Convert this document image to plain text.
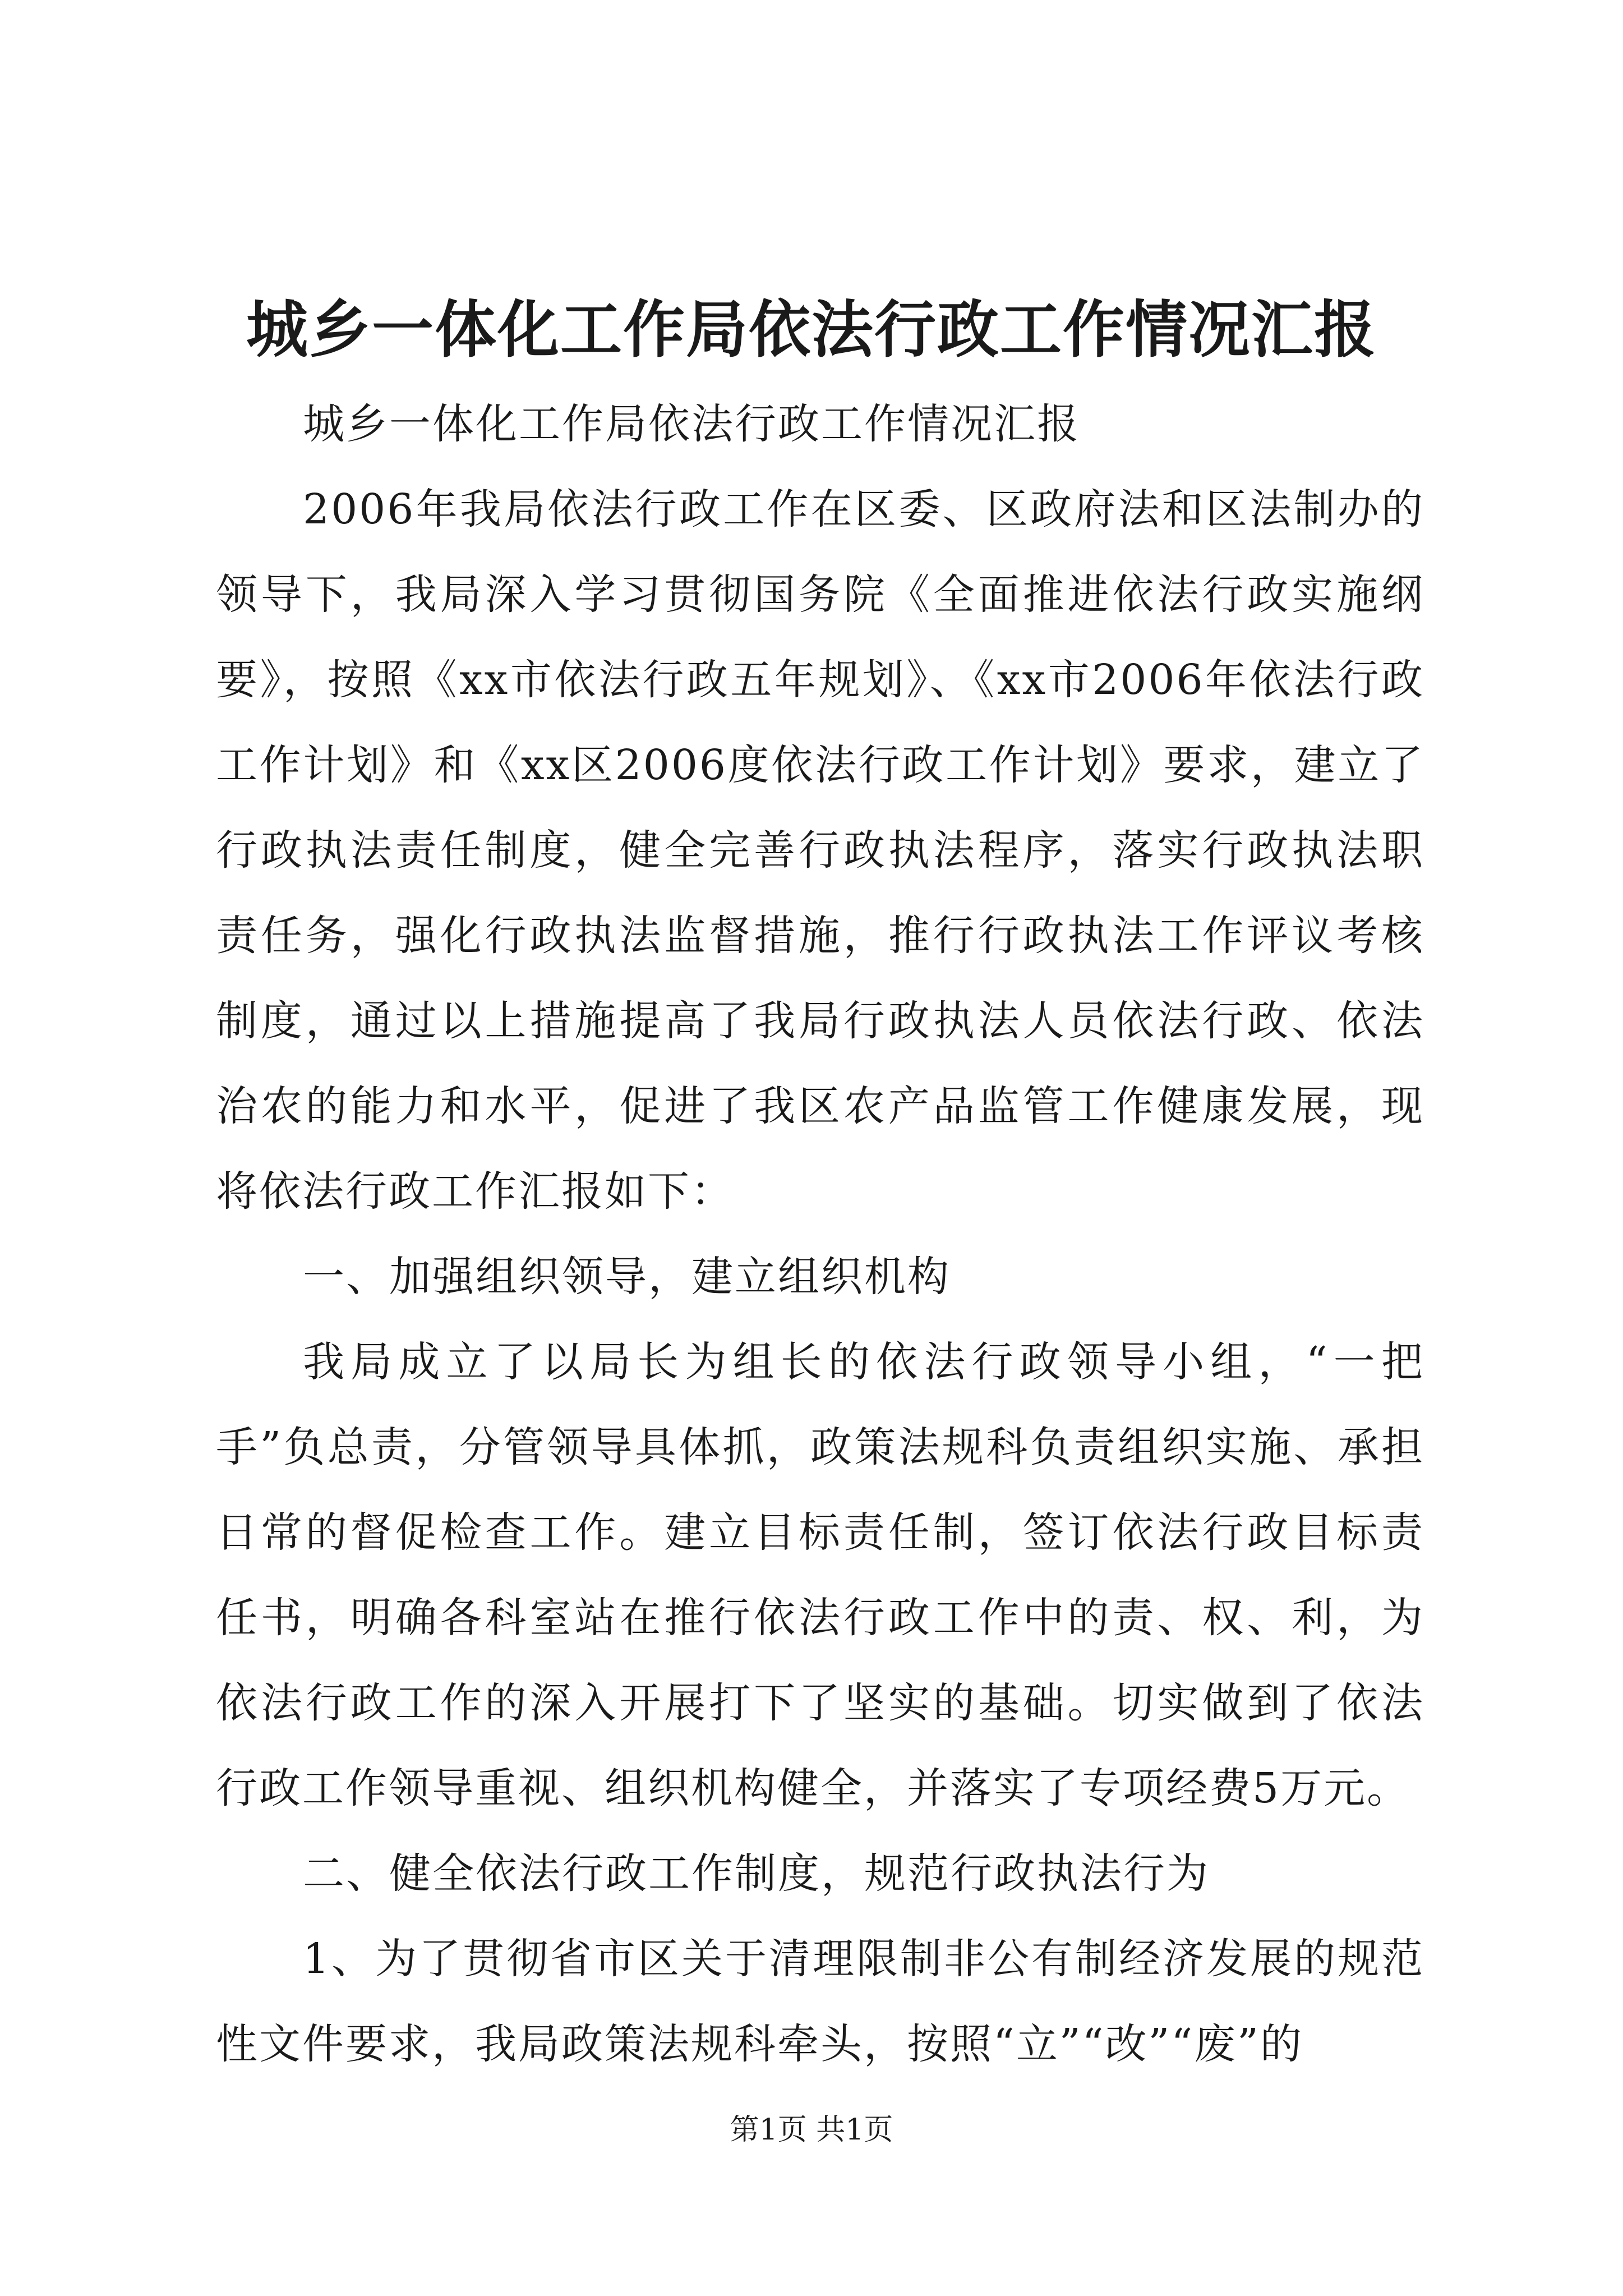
城乡一体化工作局依法行政工作情况汇报

城乡一体化工作局依法行政工作情况汇报

2006年我局依法行政工作在区委、区政府法和区法制办的领导下，我局深入学习贯彻国务院《全面推进依法行政实施纲要》，按照《xx市依法行政五年规划》、《xx市2006年依法行政工作计划》和《xx区2006度依法行政工作计划》要求，建立了行政执法责任制度，健全完善行政执法程序，落实行政执法职责任务，强化行政执法监督措施，推行行政执法工作评议考核制度，通过以上措施提高了我局行政执法人员依法行政、依法治农的能力和水平，促进了我区农产品监管工作健康发展，现将依法行政工作汇报如下：

一、加强组织领导，建立组织机构

我局成立了以局长为组长的依法行政领导小组，“一把手”负总责，分管领导具体抓，政策法规科负责组织实施、承担日常的督促检查工作。建立目标责任制，签订依法行政目标责任书，明确各科室站在推行依法行政工作中的责、权、利，为依法行政工作的深入开展打下了坚实的基础。切实做到了依法行政工作领导重视、组织机构健全，并落实了专项经费5万元。

二、健全依法行政工作制度，规范行政执法行为

1、为了贯彻省市区关于清理限制非公有制经济发展的规范性文件要求，我局政策法规科牵头，按照“立”“改”“废”的

第1页 共1页
